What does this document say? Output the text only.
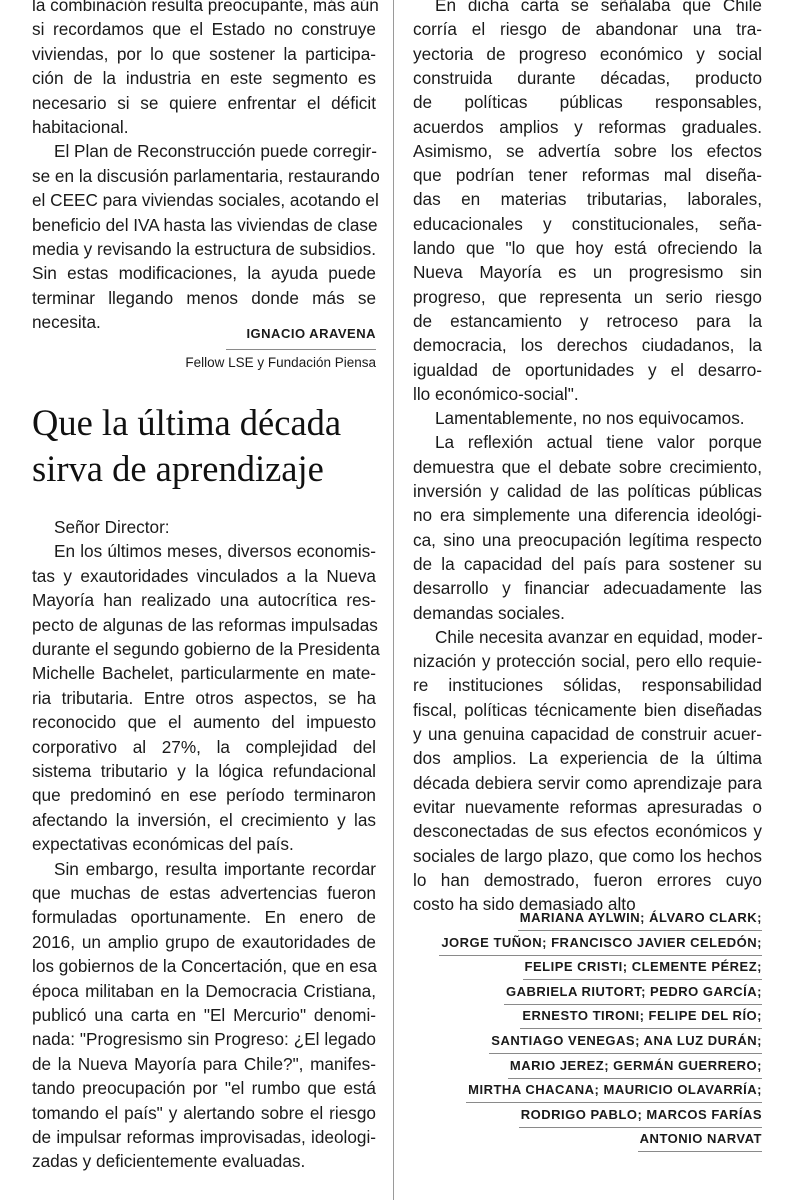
la combinación resulta preocupante, más aún
si recordamos que el Estado no construye
viviendas, por lo que sostener la participa-
ción de la industria en este segmento es
necesario si se quiere enfrentar el déficit
habitacional.
El Plan de Reconstrucción puede corregir-
se en la discusión parlamentaria, restaurando
el CEEC para viviendas sociales, acotando el
beneficio del IVA hasta las viviendas de clase
media y revisando la estructura de subsidios.
Sin estas modificaciones, la ayuda puede
terminar llegando menos donde más se
necesita.
IGNACIO ARAVENA
Fellow LSE y Fundación Piensa
Que la última década
sirva de aprendizaje
Señor Director:
En los últimos meses, diversos economis-
tas y exautoridades vinculados a la Nueva
Mayoría han realizado una autocrítica res-
pecto de algunas de las reformas impulsadas
durante el segundo gobierno de la Presidenta
Michelle Bachelet, particularmente en mate-
ria tributaria. Entre otros aspectos, se ha
reconocido que el aumento del impuesto
corporativo al 27%, la complejidad del
sistema tributario y la lógica refundacional
que predominó en ese período terminaron
afectando la inversión, el crecimiento y las
expectativas económicas del país.
Sin embargo, resulta importante recordar
que muchas de estas advertencias fueron
formuladas oportunamente. En enero de
2016, un amplio grupo de exautoridades de
los gobiernos de la Concertación, que en esa
época militaban en la Democracia Cristiana,
publicó una carta en "El Mercurio" denomi-
nada: "Progresismo sin Progreso: ¿El legado
de la Nueva Mayoría para Chile?", manifes-
tando preocupación por "el rumbo que está
tomando el país" y alertando sobre el riesgo
de impulsar reformas improvisadas, ideologi-
zadas y deficientemente evaluadas.
En dicha carta se señalaba que Chile
corría el riesgo de abandonar una tra-
yectoria de progreso económico y social
construida durante décadas, producto
de políticas públicas responsables,
acuerdos amplios y reformas graduales.
Asimismo, se advertía sobre los efectos
que podrían tener reformas mal diseña-
das en materias tributarias, laborales,
educacionales y constitucionales, seña-
lando que "lo que hoy está ofreciendo la
Nueva Mayoría es un progresismo sin
progreso, que representa un serio riesgo
de estancamiento y retroceso para la
democracia, los derechos ciudadanos, la
igualdad de oportunidades y el desarro-
llo económico-social".
Lamentablemente, no nos equivocamos.
La reflexión actual tiene valor porque
demuestra que el debate sobre crecimiento,
inversión y calidad de las políticas públicas
no era simplemente una diferencia ideológi-
ca, sino una preocupación legítima respecto
de la capacidad del país para sostener su
desarrollo y financiar adecuadamente las
demandas sociales.
Chile necesita avanzar en equidad, moder-
nización y protección social, pero ello requie-
re instituciones sólidas, responsabilidad
fiscal, políticas técnicamente bien diseñadas
y una genuina capacidad de construir acuer-
dos amplios. La experiencia de la última
década debiera servir como aprendizaje para
evitar nuevamente reformas apresuradas o
desconectadas de sus efectos económicos y
sociales de largo plazo, que como los hechos
lo han demostrado, fueron errores cuyo
costo ha sido demasiado alto
MARIANA AYLWIN; ÁLVARO CLARK;
JORGE TUÑON; FRANCISCO JAVIER CELEDÓN;
FELIPE CRISTI; CLEMENTE PÉREZ;
GABRIELA RIUTORT; PEDRO GARCÍA;
ERNESTO TIRONI; FELIPE DEL RÍO;
SANTIAGO VENEGAS; ANA LUZ DURÁN;
MARIO JEREZ; GERMÁN GUERRERO;
MIRTHA CHACANA; MAURICIO OLAVARRÍA;
RODRIGO PABLO; MARCOS FARÍAS
ANTONIO NARVAT
